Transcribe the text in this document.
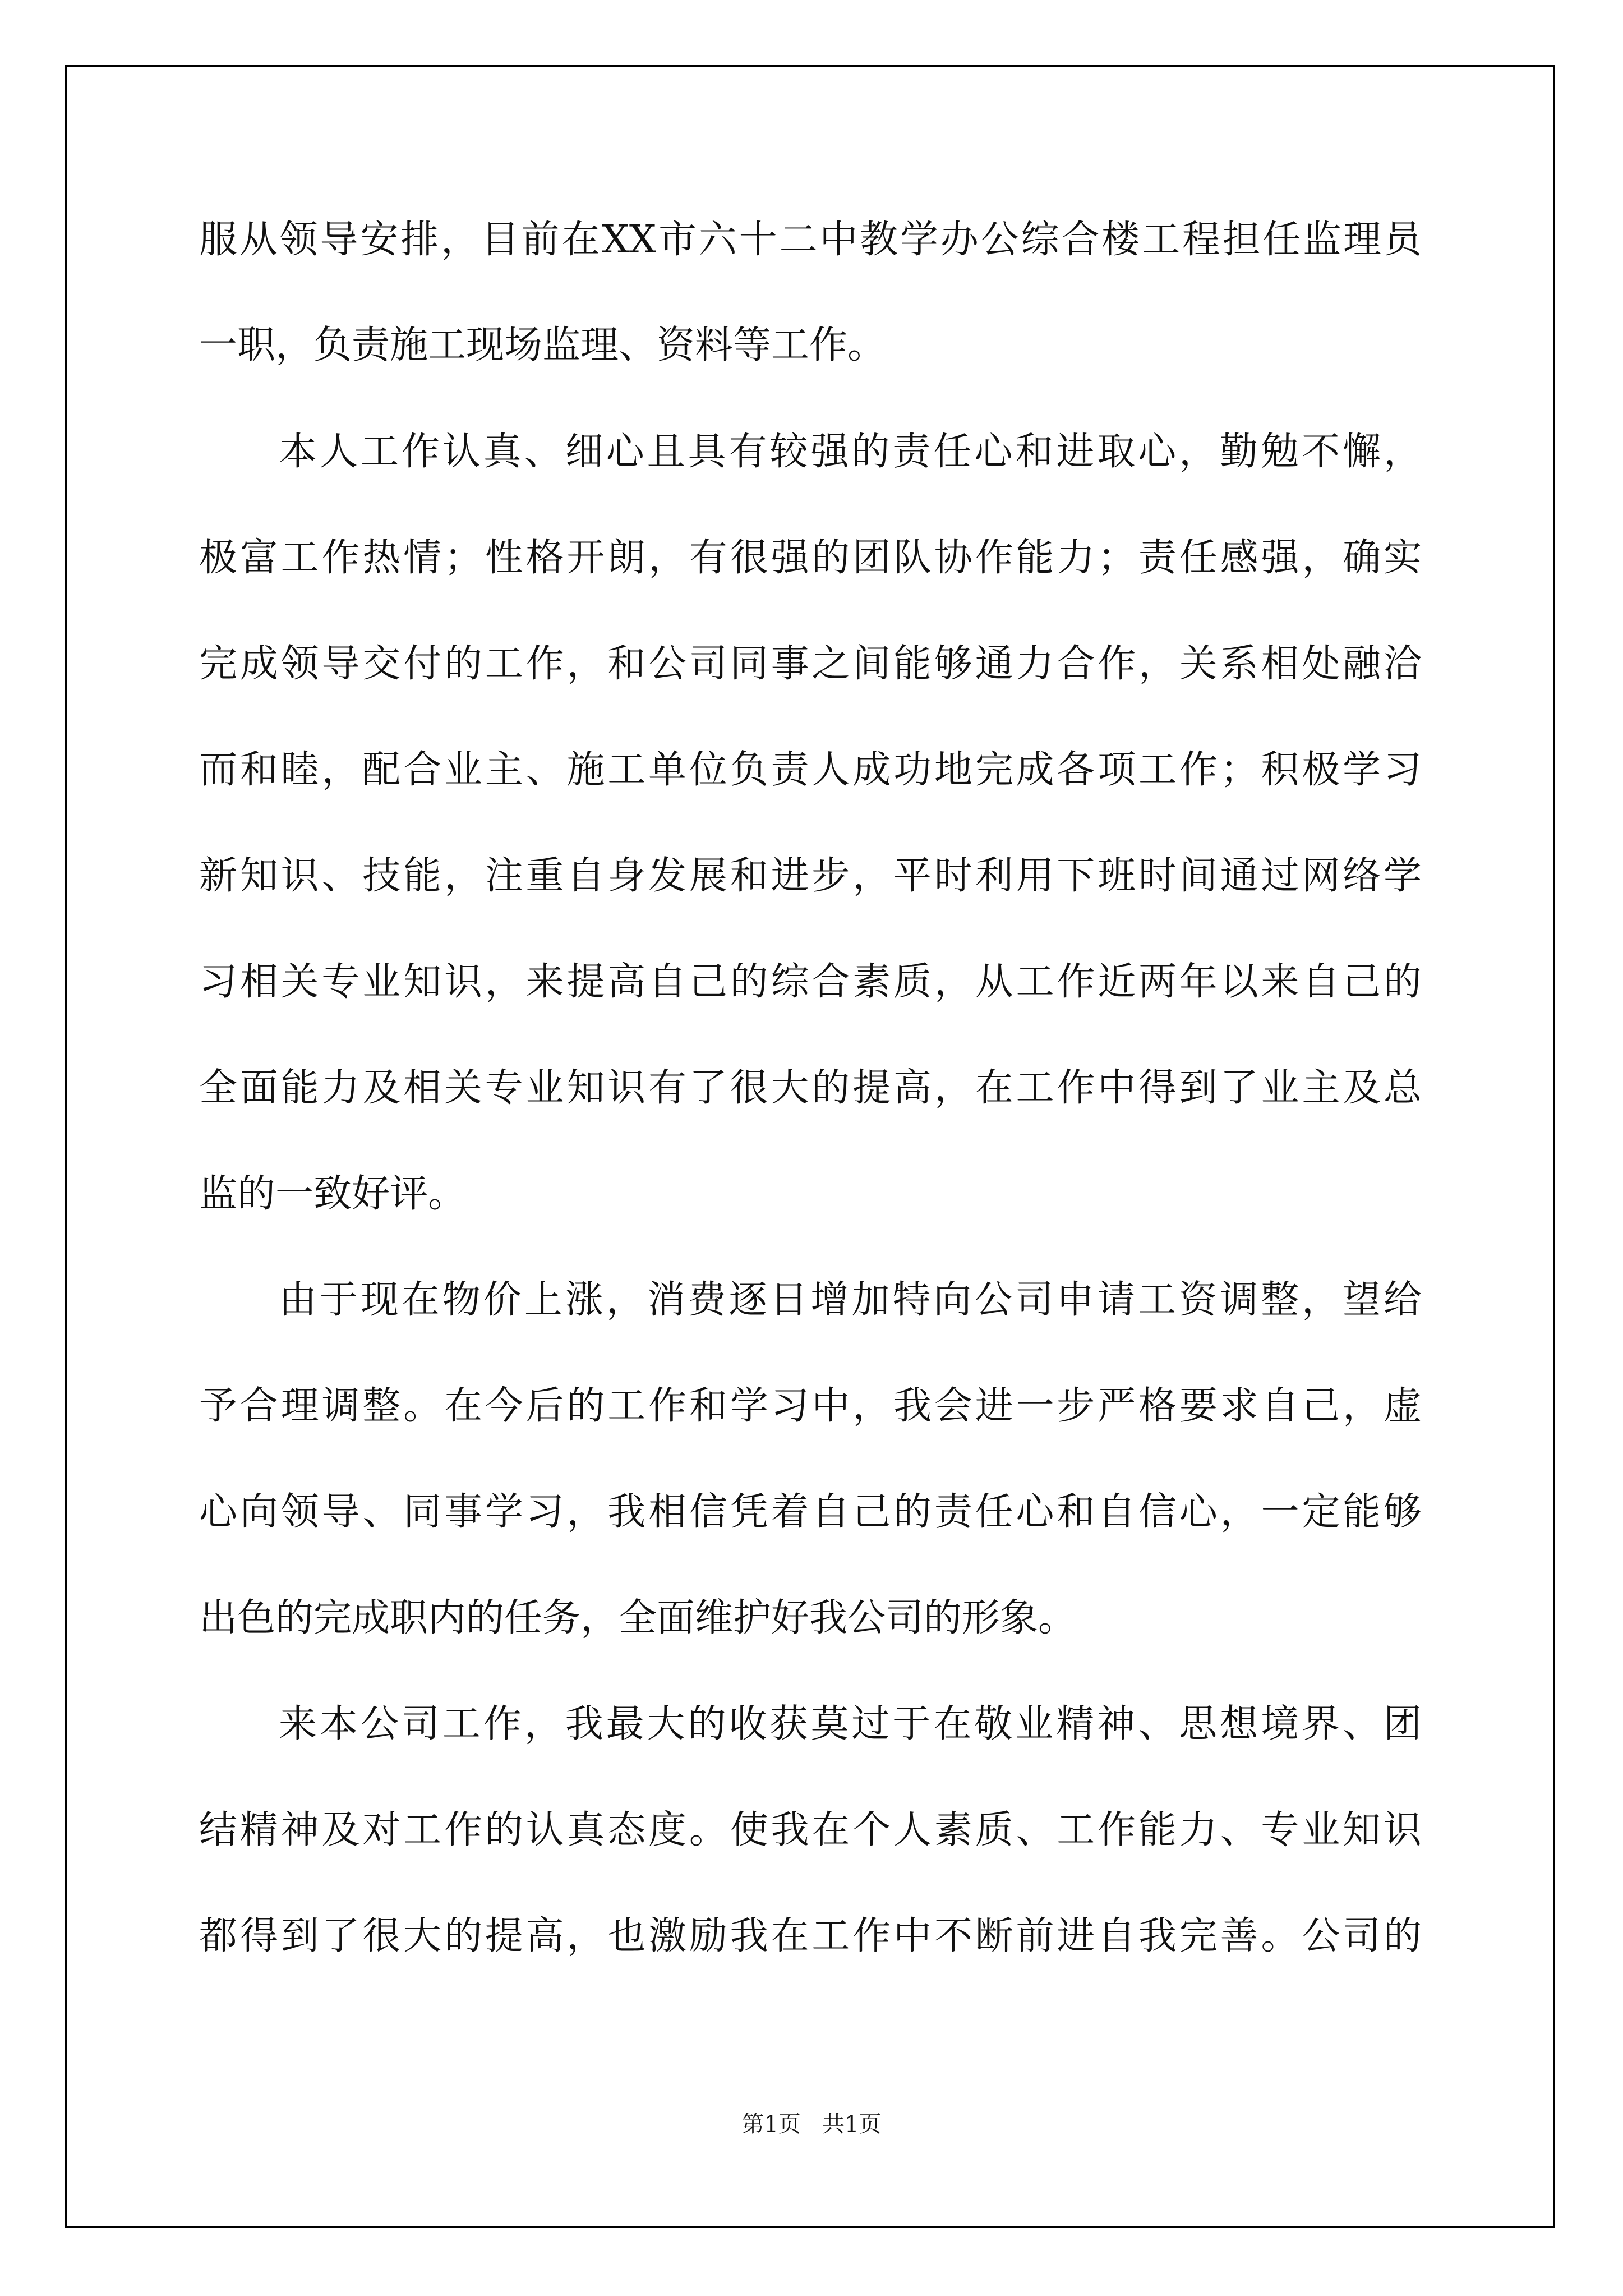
服从领导安排，目前在XX市六十二中教学办公综合楼工程担任监理员
一职，负责施工现场监理、资料等工作。
本人工作认真、细心且具有较强的责任心和进取心，勤勉不懈，
极富工作热情；性格开朗，有很强的团队协作能力；责任感强，确实
完成领导交付的工作，和公司同事之间能够通力合作，关系相处融洽
而和睦，配合业主、施工单位负责人成功地完成各项工作；积极学习
新知识、技能，注重自身发展和进步，平时利用下班时间通过网络学
习相关专业知识，来提高自己的综合素质，从工作近两年以来自己的
全面能力及相关专业知识有了很大的提高，在工作中得到了业主及总
监的一致好评。
由于现在物价上涨，消费逐日增加特向公司申请工资调整，望给
予合理调整。在今后的工作和学习中，我会进一步严格要求自己，虚
心向领导、同事学习，我相信凭着自己的责任心和自信心，一定能够
出色的完成职内的任务，全面维护好我公司的形象。
来本公司工作，我最大的收获莫过于在敬业精神、思想境界、团
结精神及对工作的认真态度。使我在个人素质、工作能力、专业知识
都得到了很大的提高，也激励我在工作中不断前进自我完善。公司的
第1页   共1页
